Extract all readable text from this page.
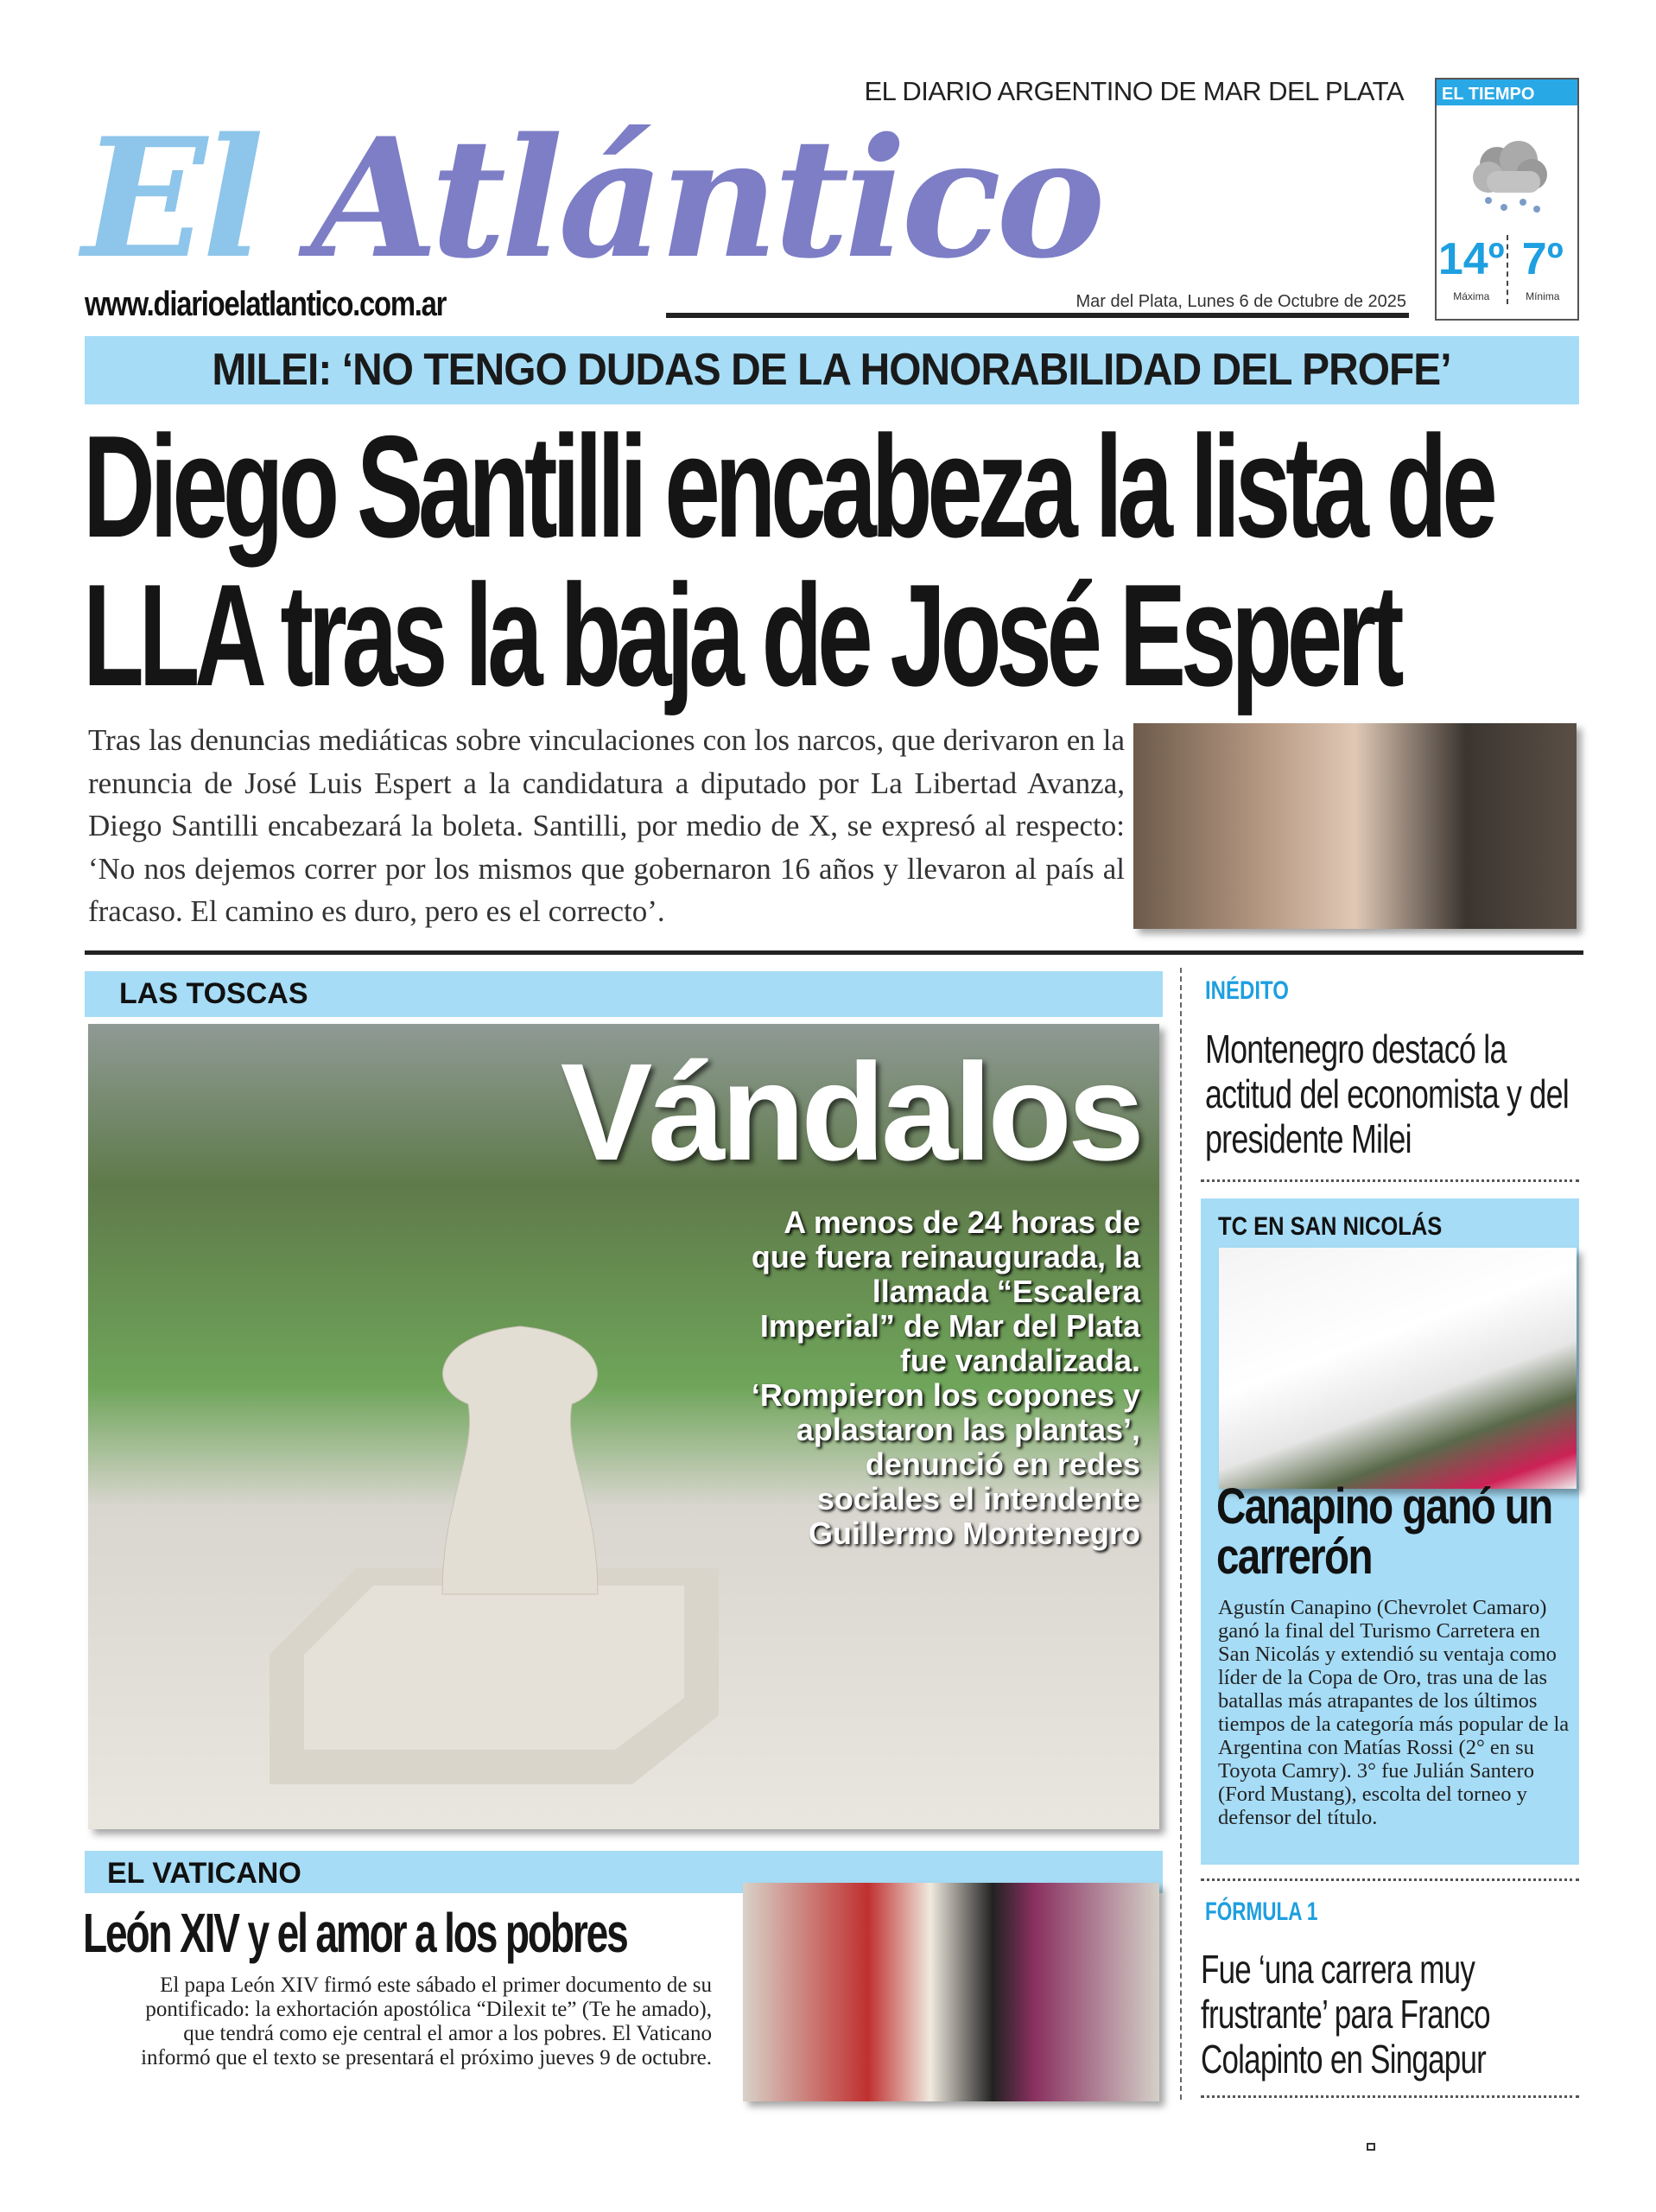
EL DIARIO ARGENTINO DE MAR DEL PLATA
El Atlántico
www.diarioelatlantico.com.ar	Mar del Plata, Lunes 6 de Octubre de 2025
EL TIEMPO
14º
Máxima
7º
Mínima
MILEI: ‘NO TENGO DUDAS DE LA HONORABILIDAD DEL PROFE’
Diego Santilli encabeza la lista de
LLA tras la baja de José Espert
Tras las denuncias mediáticas sobre vinculaciones con los narcos, que derivaron en la renuncia de José Luis Espert a la candidatura a diputado por La Libertad Avanza, Diego Santilli encabezará la boleta. Santilli, por medio de X, se expresó al respecto: ‘No nos dejemos correr por los mismos que gobernaron 16 años y llevaron al país al fracaso. El camino es duro, pero es el correcto’.
LAS TOSCAS
Vándalos
A menos de 24 horas de que fuera reinaugurada, la llamada “Escalera Imperial” de Mar del Plata fue vandalizada. ‘Rompieron los copones y aplastaron las plantas’, denunció en redes sociales el intendente Guillermo Montenegro
INÉDITO
Montenegro destacó la actitud del economista y del presidente Milei
TC EN SAN NICOLÁS
Canapino ganó un carrerón
Agustín Canapino (Chevrolet Camaro) ganó la final del Turismo Carretera en San Nicolás y extendió su ventaja como líder de la Copa de Oro, tras una de las batallas más atrapantes de los últimos tiempos de la categoría más popular de la Argentina con Matías Rossi (2° en su Toyota Camry). 3° fue Julián Santero (Ford Mustang), escolta del torneo y defensor del título.
FÓRMULA 1
Fue ‘una carrera muy frustrante’ para Franco Colapinto en Singapur
EL VATICANO
León XIV y el amor a los pobres
El papa León XIV firmó este sábado el primer documento de su pontificado: la exhortación apostólica “Dilexit te” (Te he amado), que tendrá como eje central el amor a los pobres. El Vaticano informó que el texto se presentará el próximo jueves 9 de octubre.
